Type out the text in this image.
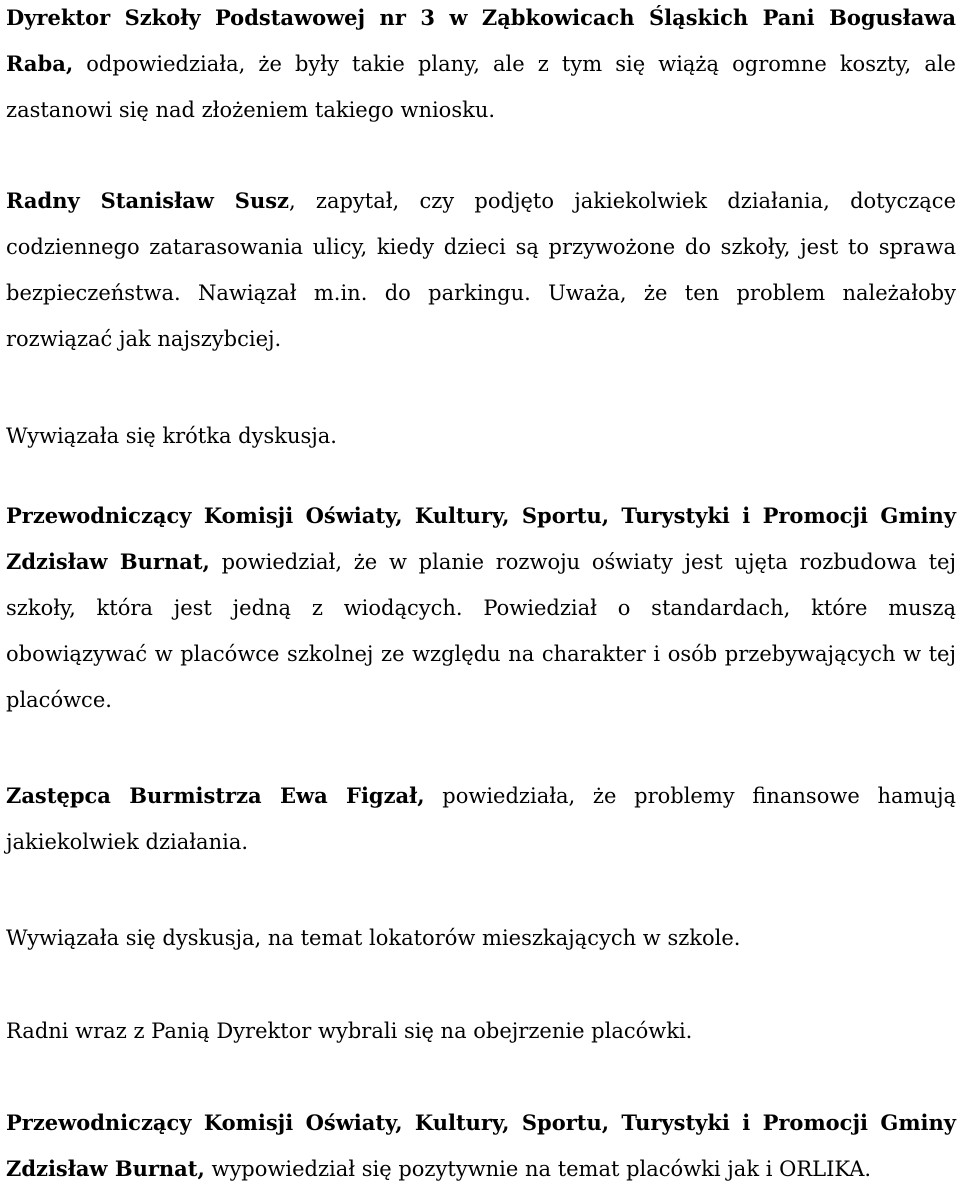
Dyrektor Szkoły Podstawowej nr 3 w Ząbkowicach Śląskich Pani Bogusława Raba, odpowiedziała, że były takie plany, ale z tym się wiążą ogromne koszty, ale zastanowi się nad złożeniem takiego wniosku.

Radny Stanisław Susz, zapytał, czy podjęto jakiekolwiek działania, dotyczące codziennego zatarasowania ulicy, kiedy dzieci są przywożone do szkoły, jest to sprawa bezpieczeństwa. Nawiązał m.in. do parkingu. Uważa, że ten problem należałoby rozwiązać jak najszybciej.

Wywiązała się krótka dyskusja.

Przewodniczący Komisji Oświaty, Kultury, Sportu, Turystyki i Promocji Gminy Zdzisław Burnat, powiedział, że w planie rozwoju oświaty jest ujęta rozbudowa tej szkoły, która jest jedną z wiodących. Powiedział o standardach, które muszą obowiązywać w placówce szkolnej ze względu na charakter i osób przebywających w tej placówce.

Zastępca Burmistrza Ewa Figzał, powiedziała, że problemy finansowe hamują jakiekolwiek działania.

Wywiązała się dyskusja, na temat lokatorów mieszkających w szkole.

Radni wraz z Panią Dyrektor wybrali się na obejrzenie placówki.

Przewodniczący Komisji Oświaty, Kultury, Sportu, Turystyki i Promocji Gminy Zdzisław Burnat, wypowiedział się pozytywnie na temat placówki jak i ORLIKA.
